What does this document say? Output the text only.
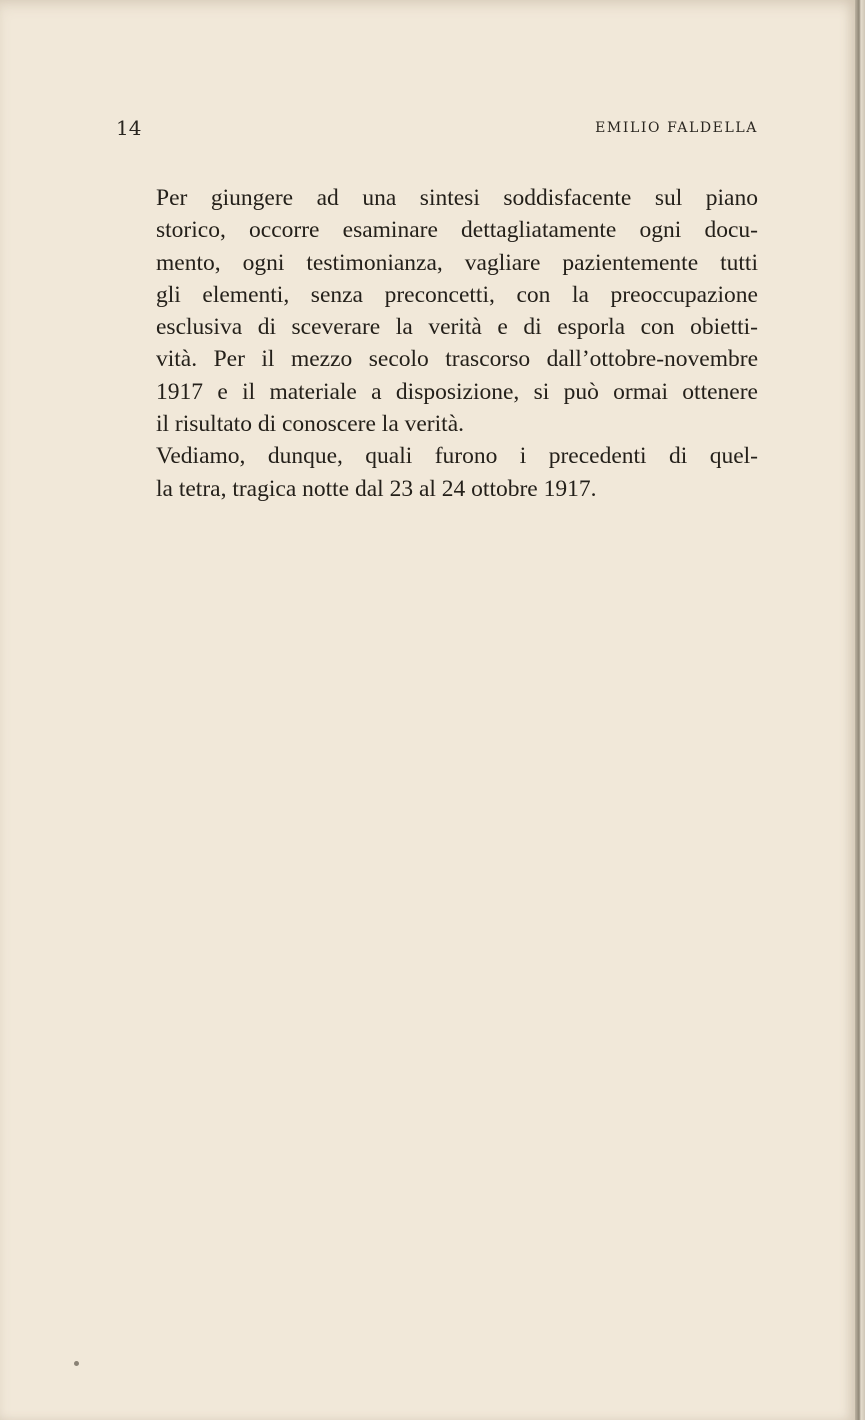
14	EMILIO FALDELLA

Per giungere ad una sintesi soddisfacente sul piano
storico, occorre esaminare dettagliatamente ogni docu-
mento, ogni testimonianza, vagliare pazientemente tutti
gli elementi, senza preconcetti, con la preoccupazione
esclusiva di sceverare la verità e di esporla con obietti-
vità. Per il mezzo secolo trascorso dall’ottobre-novembre
1917 e il materiale a disposizione, si può ormai ottenere
il risultato di conoscere la verità.

Vediamo, dunque, quali furono i precedenti di quel-
la tetra, tragica notte dal 23 al 24 ottobre 1917.
